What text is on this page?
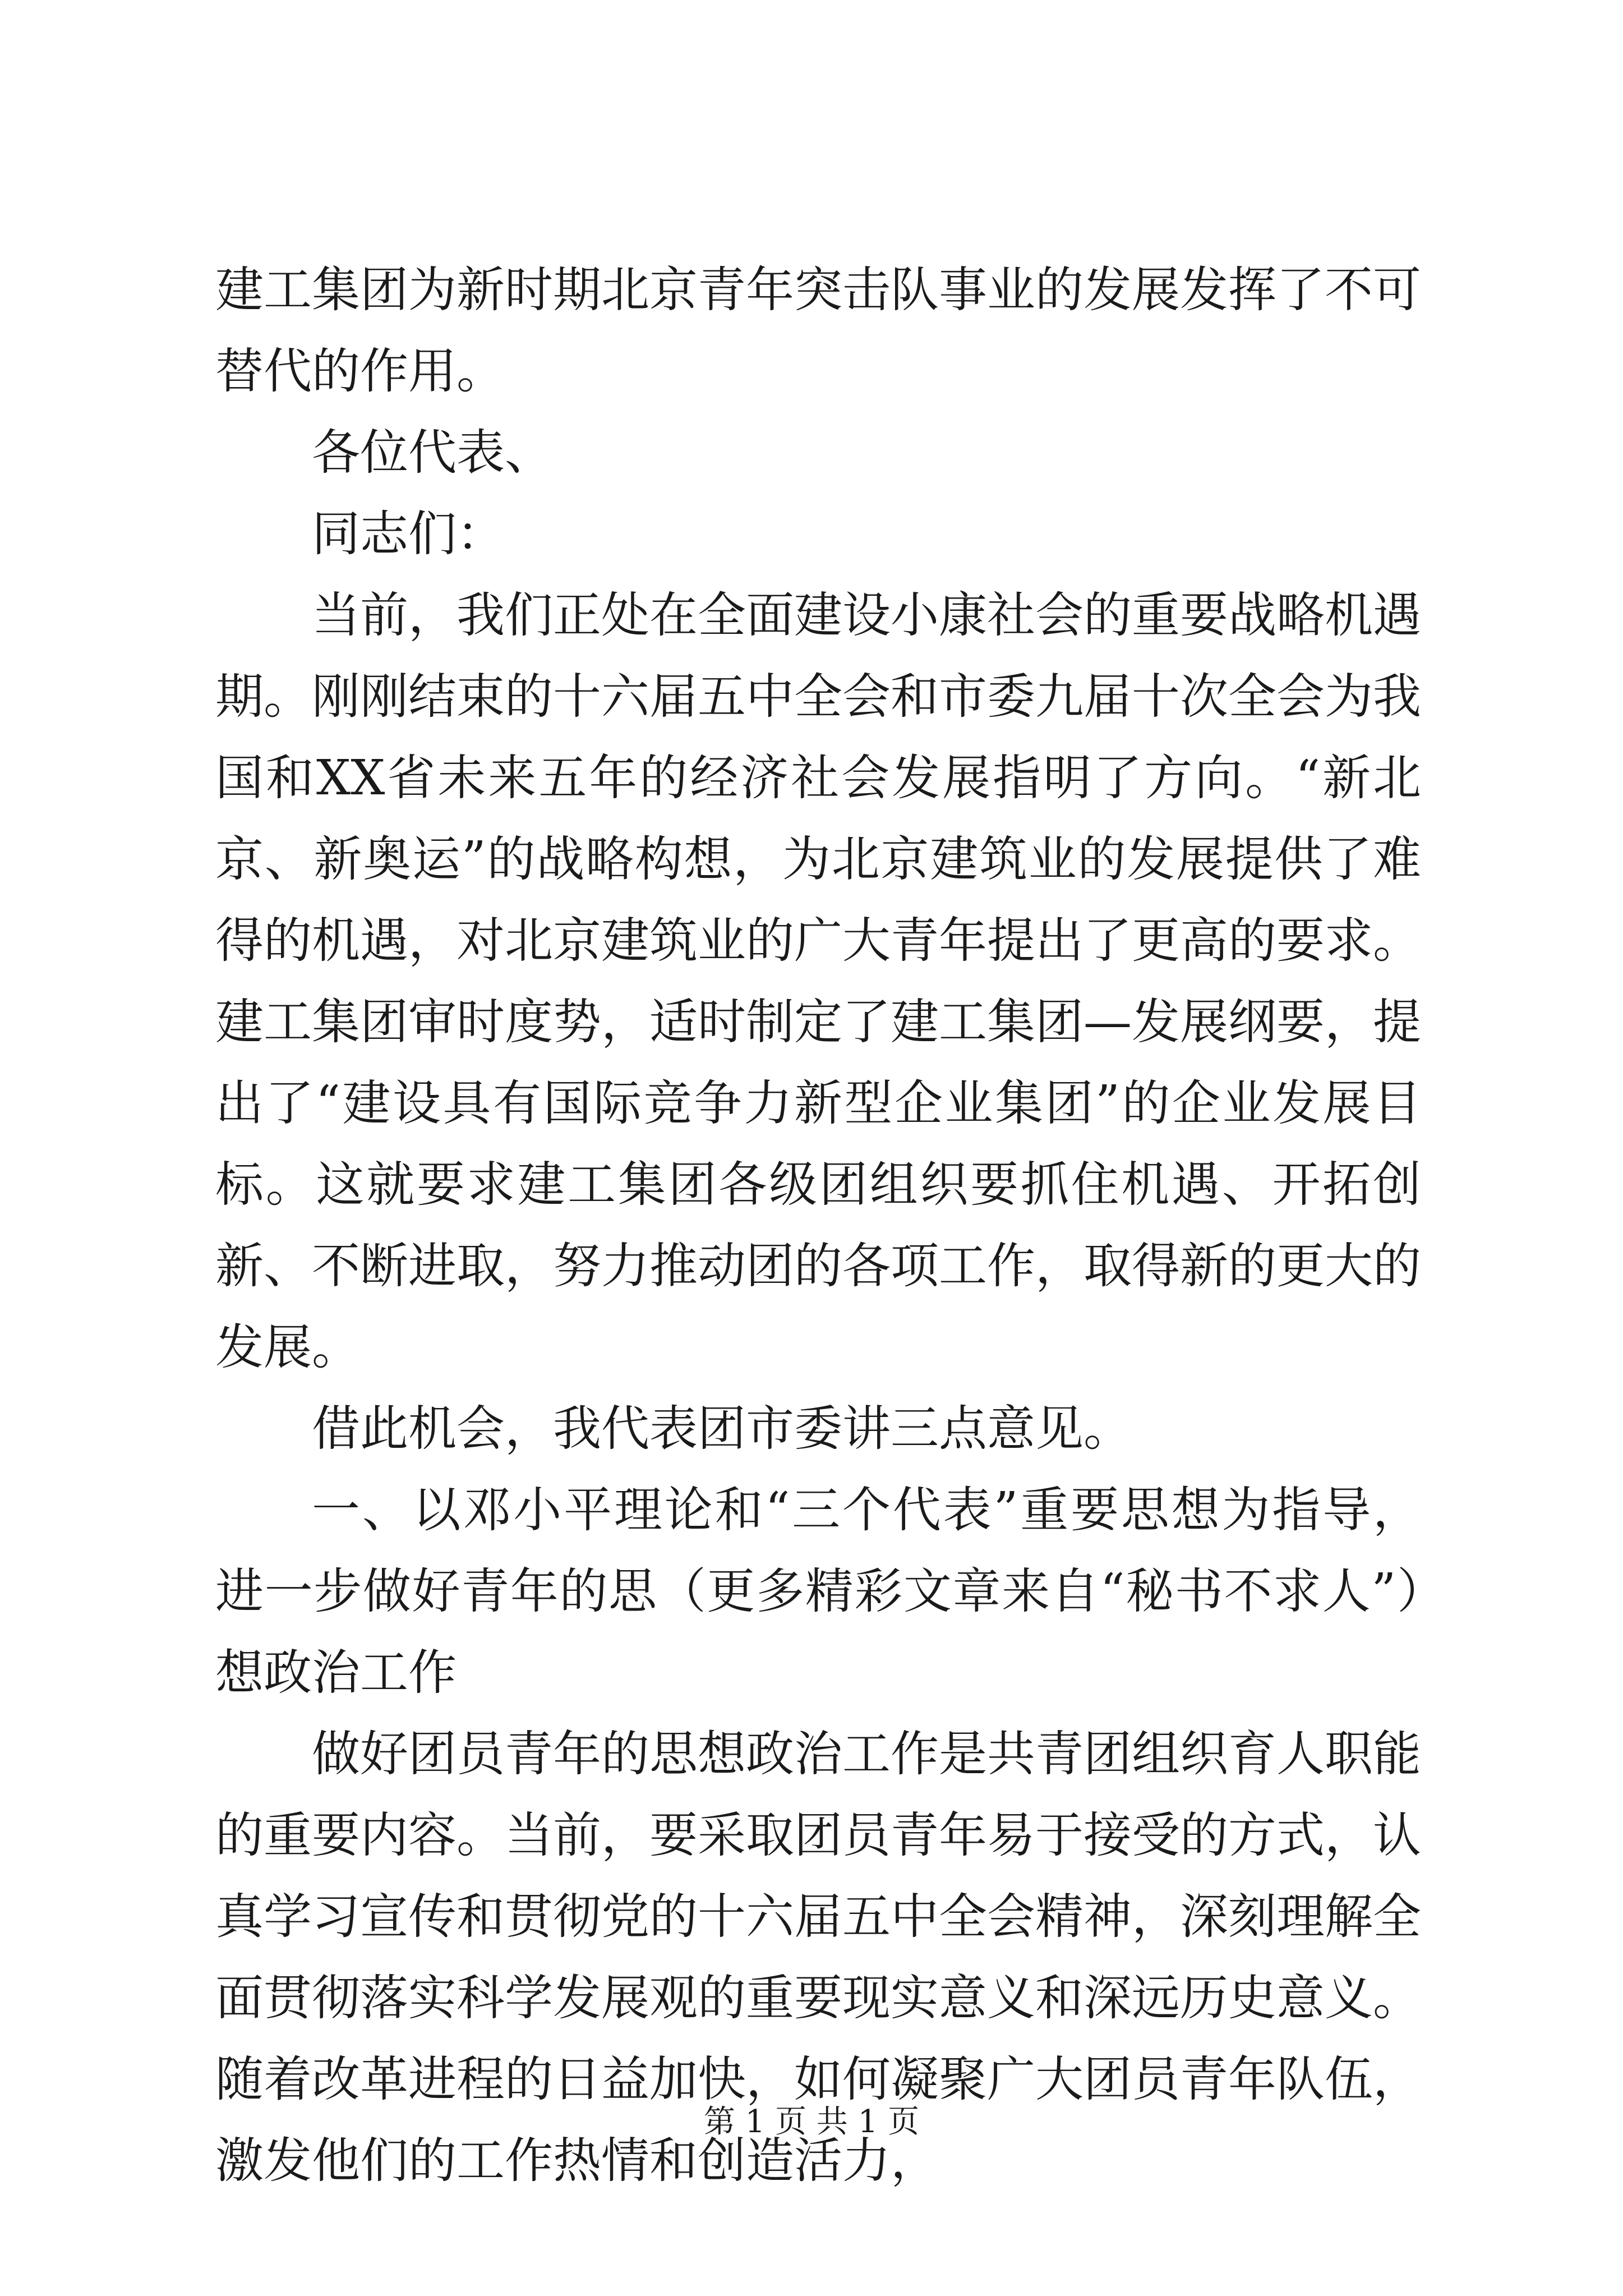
建工集团为新时期北京青年突击队事业的发展发挥了不可替代的作用。

各位代表、

同志们：

当前，我们正处在全面建设小康社会的重要战略机遇期。刚刚结束的十六届五中全会和市委九届十次全会为我国和XX省未来五年的经济社会发展指明了方向。“新北京、新奥运”的战略构想，为北京建筑业的发展提供了难得的机遇，对北京建筑业的广大青年提出了更高的要求。建工集团审时度势，适时制定了建工集团—发展纲要，提出了“建设具有国际竞争力新型企业集团”的企业发展目标。这就要求建工集团各级团组织要抓住机遇、开拓创新、不断进取，努力推动团的各项工作，取得新的更大的发展。

借此机会，我代表团市委讲三点意见。

一、以邓小平理论和“三个代表”重要思想为指导，进一步做好青年的思（更多精彩文章来自“秘书不求人”）想政治工作

做好团员青年的思想政治工作是共青团组织育人职能的重要内容。当前，要采取团员青年易于接受的方式，认真学习宣传和贯彻党的十六届五中全会精神，深刻理解全面贯彻落实科学发展观的重要现实意义和深远历史意义。随着改革进程的日益加快，如何凝聚广大团员青年队伍，激发他们的工作热情和创造活力，

第 1 页 共 1 页
